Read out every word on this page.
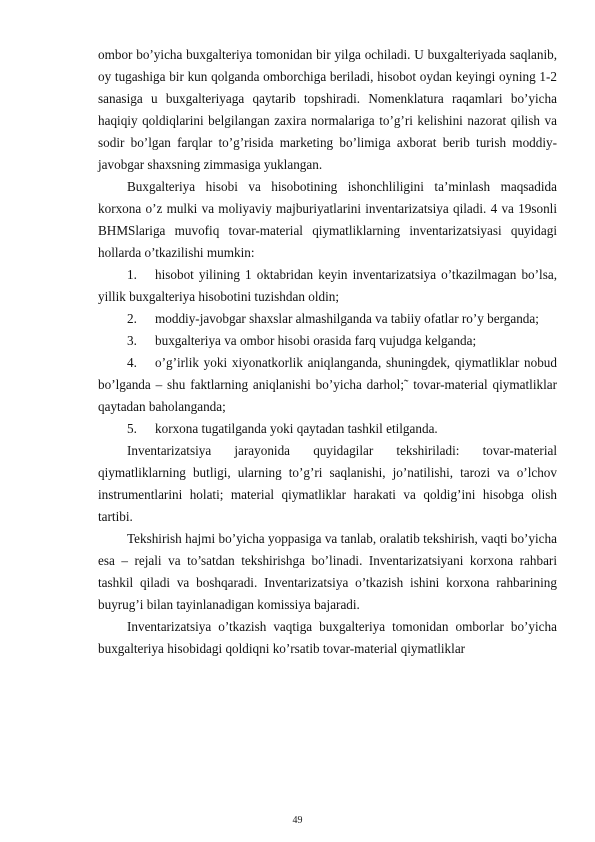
ombor bo’yicha buxgalteriya tomonidan bir yilga ochiladi. U buxgalteriyada saqlanib, oy tugashiga bir kun qolganda omborchiga beriladi, hisobot oydan keyingi oyning 1-2 sanasiga u buxgalteriyaga qaytarib topshiradi. Nomenklatura raqamlari bo’yicha haqiqiy qoldiqlarini belgilangan zaxira normalariga to’g’ri kelishini nazorat qilish va sodir bo’lgan farqlar to’g’risida marketing bo’limiga axborat berib turish moddiy-javobgar shaxsning zimmasiga yuklangan.

Buxgalteriya hisobi va hisobotining ishonchliligini ta’minlash maqsadida korxona o’z mulki va moliyaviy majburiyatlarini inventarizatsiya qiladi. 4 va 19sonli BHMSlariga muvofiq tovar-material qiymatliklarning inventarizatsiyasi quyidagi hollarda o’tkazilishi mumkin:

1. hisobot yilining 1 oktabridan keyin inventarizatsiya o’tkazilmagan bo’lsa, yillik buxgalteriya hisobotini tuzishdan oldin;

2. moddiy-javobgar shaxslar almashilganda va tabiiy ofatlar ro’y berganda;

3. buxgalteriya va ombor hisobi orasida farq vujudga kelganda;

4. o’g’irlik yoki xiyonatkorlik aniqlanganda, shuningdek, qiymatliklar nobud bo’lganda – shu faktlarning aniqlanishi bo’yicha darhol;˜ tovar-material qiymatliklar qaytadan baholanganda;

5. korxona tugatilganda yoki qaytadan tashkil etilganda.

Inventarizatsiya jarayonida quyidagilar tekshiriladi: tovar-material qiymatliklarning butligi, ularning to’g’ri saqlanishi, jo’natilishi, tarozi va o’lchov instrumentlarini holati; material qiymatliklar harakati va qoldig’ini hisobga olish tartibi.

Tekshirish hajmi bo’yicha yoppasiga va tanlab, oralatib tekshirish, vaqti bo’yicha esa – rejali va to’satdan tekshirishga bo’linadi. Inventarizatsiyani korxona rahbari tashkil qiladi va boshqaradi. Inventarizatsiya o’tkazish ishini korxona rahbarining buyrug’i bilan tayinlanadigan komissiya bajaradi.

Inventarizatsiya o’tkazish vaqtiga buxgalteriya tomonidan omborlar bo’yicha buxgalteriya hisobidagi qoldiqni ko’rsatib tovar-material qiymatliklar

49
